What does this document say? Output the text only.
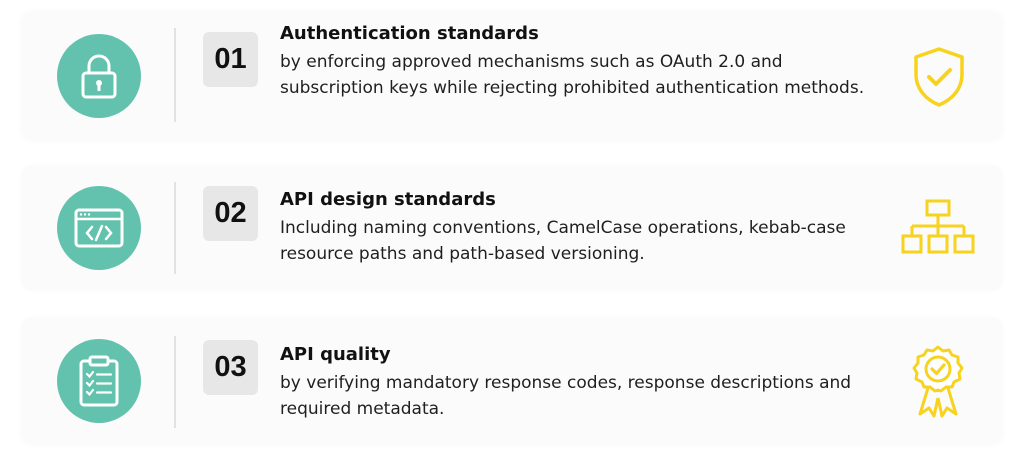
01
Authentication standards
by enforcing approved mechanisms such as OAuth 2.0 and subscription keys while rejecting prohibited authentication methods.
02	API design standards
Including naming conventions, CamelCase operations, kebab-case resource paths and path-based versioning.
03	API quality
by verifying mandatory response codes, response descriptions and required metadata.
